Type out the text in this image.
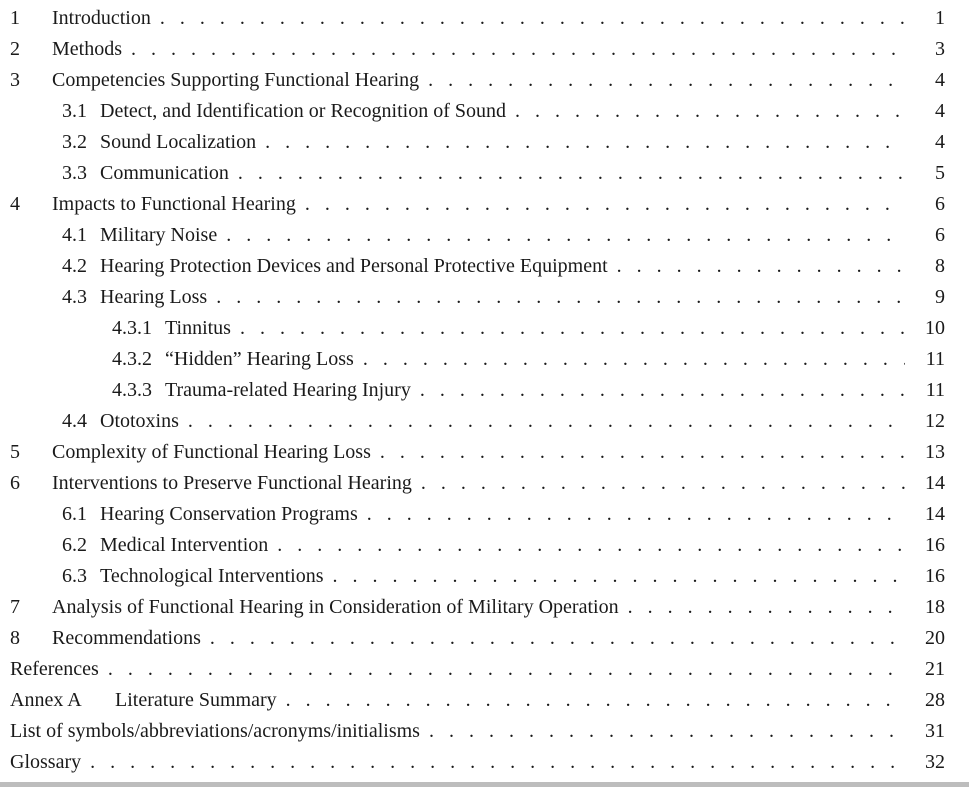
1	Introduction . . .	1
2	Methods . . .	3
3	Competencies Supporting Functional Hearing . . .	4
3.1 Detect, and Identification or Recognition of Sound . . .	4
3.2 Sound Localization . . .	4
3.3 Communication . . .	5
4	Impacts to Functional Hearing . . .	6
4.1 Military Noise . . .	6
4.2 Hearing Protection Devices and Personal Protective Equipment . . .	8
4.3 Hearing Loss . . .	9
4.3.1 Tinnitus . . .	10
4.3.2 “Hidden” Hearing Loss . . .	11
4.3.3 Trauma-related Hearing Injury . . .	11
4.4 Ototoxins . . .	12
5	Complexity of Functional Hearing Loss . . .	13
6	Interventions to Preserve Functional Hearing . . .	14
6.1 Hearing Conservation Programs . . .	14
6.2 Medical Intervention . . .	16
6.3 Technological Interventions . . .	16
7	Analysis of Functional Hearing in Consideration of Military Operation . . .	18
8	Recommendations . . .	20
References . . .	21
Annex A	Literature Summary . . .	28
List of symbols/abbreviations/acronyms/initialisms . . .	31
Glossary . . .	32
